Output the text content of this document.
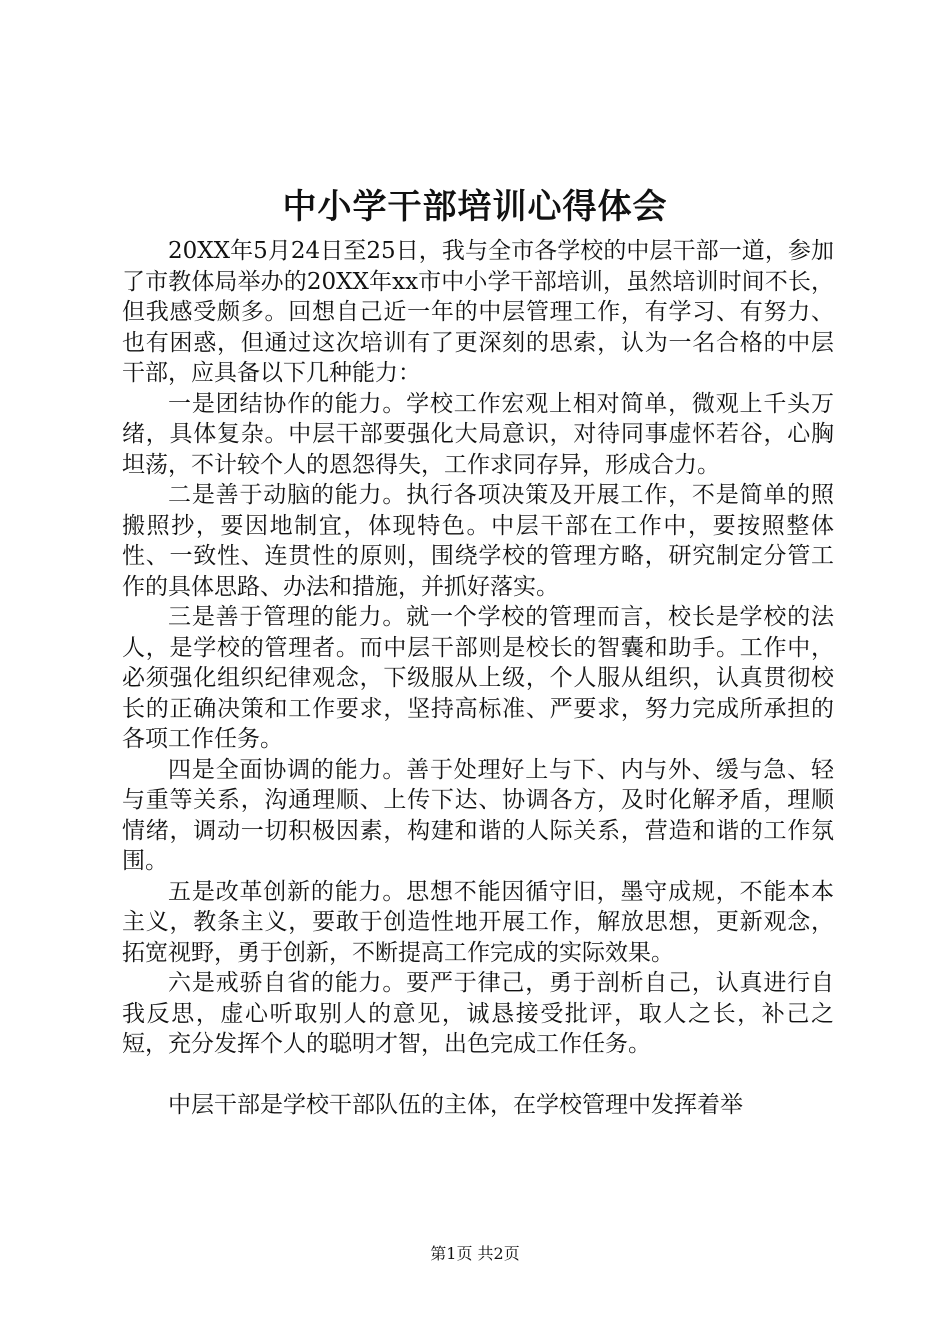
中小学干部培训心得体会

20XX年5月24日至25日，我与全市各学校的中层干部一道，参加了市教体局举办的20XX年xx市中小学干部培训，虽然培训时间不长，但我感受颇多。回想自己近一年的中层管理工作，有学习、有努力、也有困惑，但通过这次培训有了更深刻的思索，认为一名合格的中层干部，应具备以下几种能力：

一是团结协作的能力。学校工作宏观上相对简单，微观上千头万绪，具体复杂。中层干部要强化大局意识，对待同事虚怀若谷，心胸坦荡，不计较个人的恩怨得失，工作求同存异，形成合力。

二是善于动脑的能力。执行各项决策及开展工作，不是简单的照搬照抄，要因地制宜，体现特色。中层干部在工作中，要按照整体性、一致性、连贯性的原则，围绕学校的管理方略，研究制定分管工作的具体思路、办法和措施，并抓好落实。

三是善于管理的能力。就一个学校的管理而言，校长是学校的法人，是学校的管理者。而中层干部则是校长的智囊和助手。工作中，必须强化组织纪律观念，下级服从上级，个人服从组织，认真贯彻校长的正确决策和工作要求，坚持高标准、严要求，努力完成所承担的各项工作任务。

四是全面协调的能力。善于处理好上与下、内与外、缓与急、轻与重等关系，沟通理顺、上传下达、协调各方，及时化解矛盾，理顺情绪，调动一切积极因素，构建和谐的人际关系，营造和谐的工作氛围。

五是改革创新的能力。思想不能因循守旧，墨守成规，不能本本主义，教条主义，要敢于创造性地开展工作，解放思想，更新观念，拓宽视野，勇于创新，不断提高工作完成的实际效果。

六是戒骄自省的能力。要严于律己，勇于剖析自己，认真进行自我反思，虚心听取别人的意见，诚恳接受批评，取人之长，补己之短，充分发挥个人的聪明才智，出色完成工作任务。

中层干部是学校干部队伍的主体，在学校管理中发挥着举

第1页 共2页
